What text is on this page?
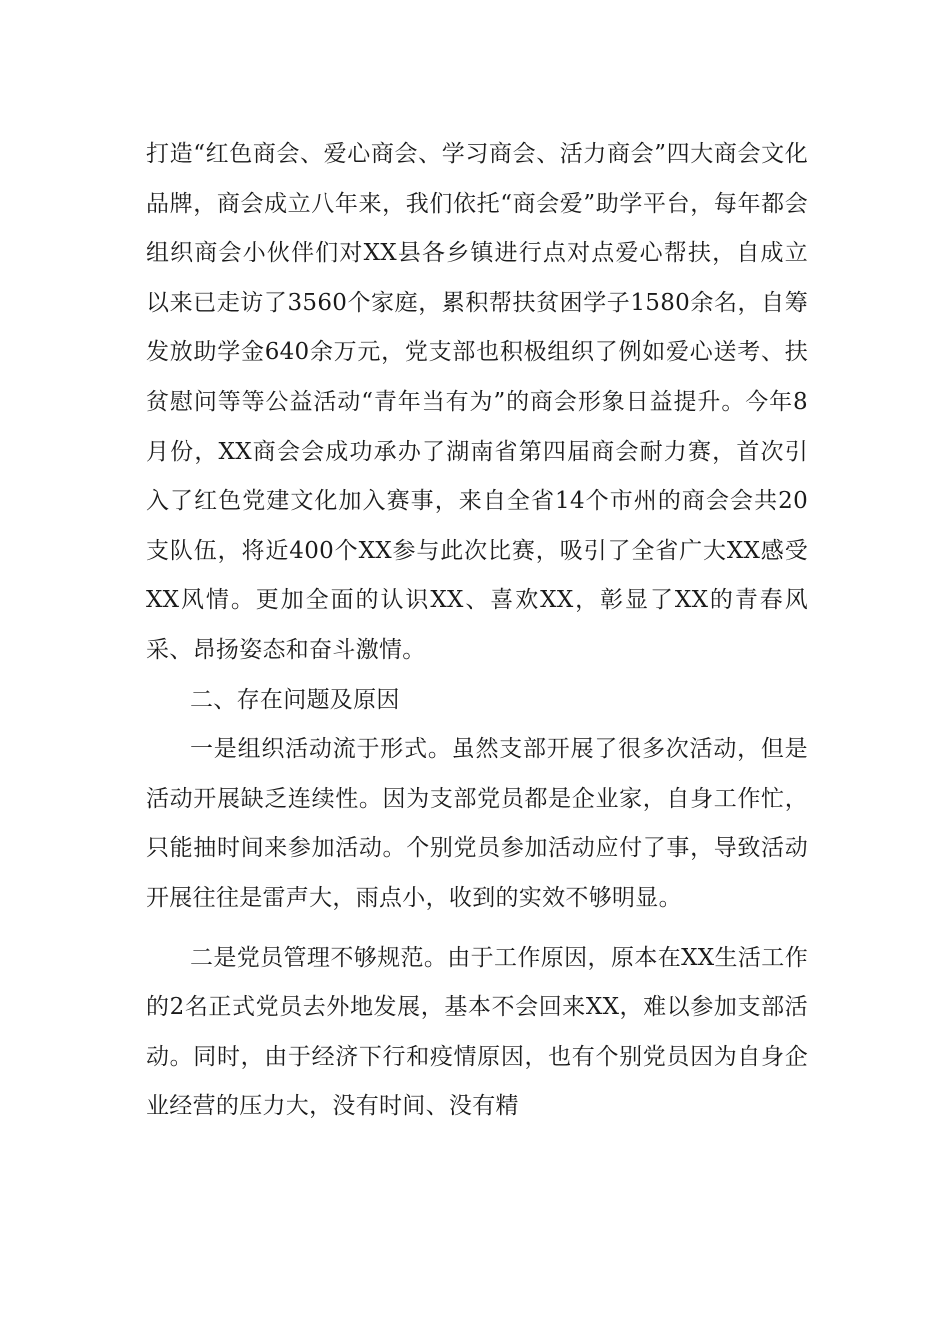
打造“红色商会、爱心商会、学习商会、活力商会”四大商会文化品牌，商会成立八年来，我们依托“商会爱”助学平台，每年都会组织商会小伙伴们对XX县各乡镇进行点对点爱心帮扶，自成立以来已走访了3560个家庭，累积帮扶贫困学子1580余名，自筹发放助学金640余万元，党支部也积极组织了例如爱心送考、扶贫慰问等等公益活动“青年当有为”的商会形象日益提升。今年8月份，XX商会会成功承办了湖南省第四届商会耐力赛，首次引入了红色党建文化加入赛事，来自全省14个市州的商会会共20支队伍，将近400个XX参与此次比赛，吸引了全省广大XX感受XX风情。更加全面的认识XX、喜欢XX，彰显了XX的青春风采、昂扬姿态和奋斗激情。

二、存在问题及原因

一是组织活动流于形式。虽然支部开展了很多次活动，但是活动开展缺乏连续性。因为支部党员都是企业家，自身工作忙，只能抽时间来参加活动。个别党员参加活动应付了事，导致活动开展往往是雷声大，雨点小，收到的实效不够明显。

二是党员管理不够规范。由于工作原因，原本在XX生活工作的2名正式党员去外地发展，基本不会回来XX，难以参加支部活动。同时，由于经济下行和疫情原因，也有个别党员因为自身企业经营的压力大，没有时间、没有精
